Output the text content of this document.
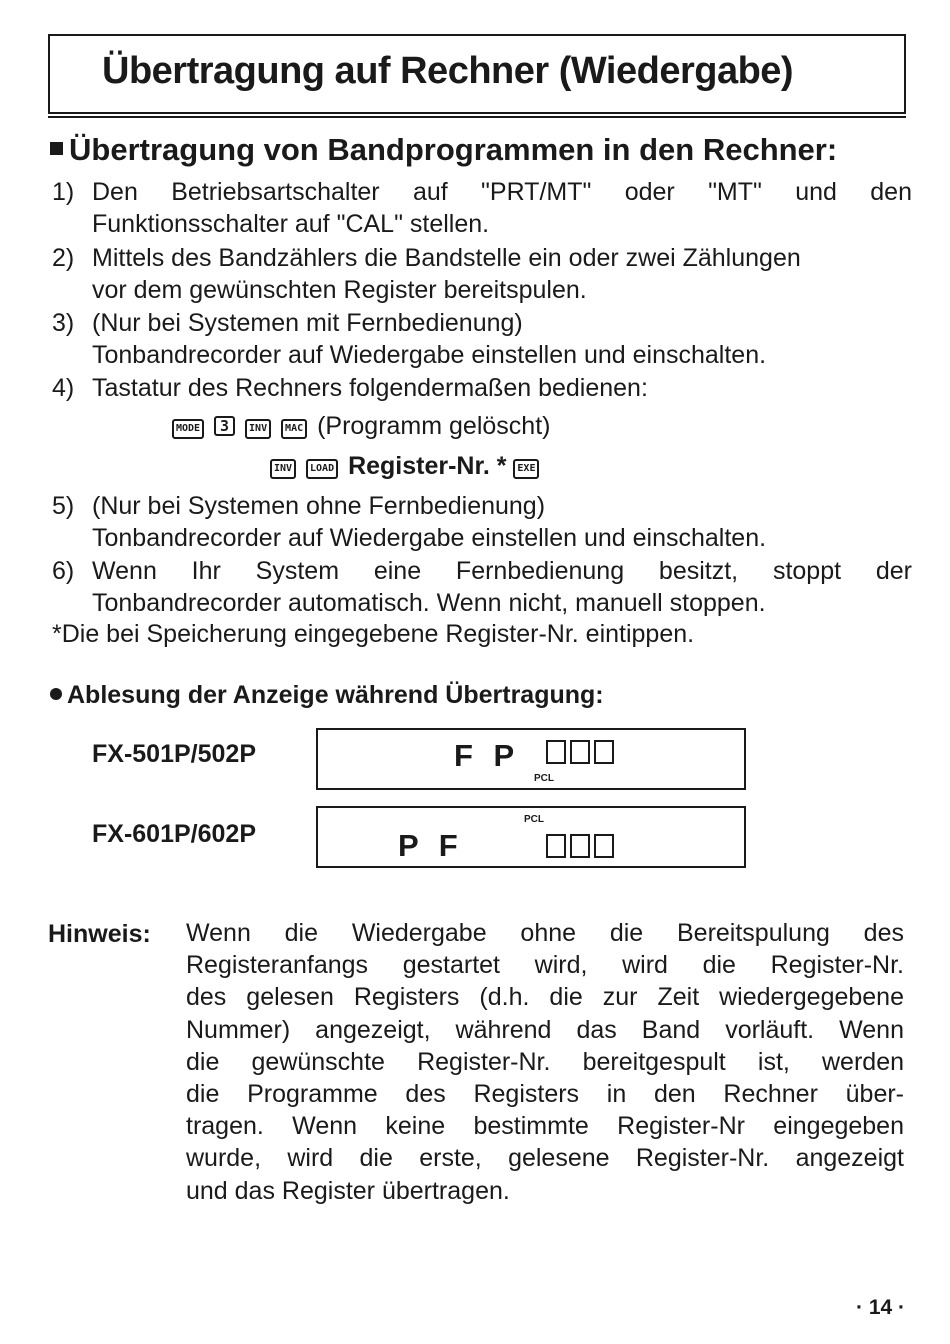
Übertragung auf Rechner (Wiedergabe)
Übertragung von Bandprogrammen in den Rechner:
1) Den Betriebsartschalter auf "PRT/MT" oder "MT" und den
Funktionsschalter auf "CAL" stellen.
2) Mittels des Bandzählers die Bandstelle ein oder zwei Zählungen
vor dem gewünschten Register bereitspulen.
3) (Nur bei Systemen mit Fernbedienung)
Tonbandrecorder auf Wiedergabe einstellen und einschalten.
4) Tastatur des Rechners folgendermaßen bedienen:
MODE 3 INV MAC (Programm gelöscht)
INV LOAD Register-Nr. * EXE
5) (Nur bei Systemen ohne Fernbedienung)
Tonbandrecorder auf Wiedergabe einstellen und einschalten.
6) Wenn Ihr System eine Fernbedienung besitzt, stoppt der
Tonbandrecorder automatisch. Wenn nicht, manuell stoppen.
*Die bei Speicherung eingegebene Register-Nr. eintippen.
Ablesung der Anzeige während Übertragung:
FX-501P/502P	F P
PCL
FX-601P/602P
PCL
P F
Hinweis: Wenn die Wiedergabe ohne die Bereitspulung des
Registeranfangs gestartet wird, wird die Register-Nr.
des gelesen Registers (d.h. die zur Zeit wiedergegebene
Nummer) angezeigt, während das Band vorläuft. Wenn
die gewünschte Register-Nr. bereitgespult ist, werden
die Programme des Registers in den Rechner über-
tragen. Wenn keine bestimmte Register-Nr eingegeben
wurde, wird die erste, gelesene Register-Nr. angezeigt
und das Register übertragen.
· 14 ·
